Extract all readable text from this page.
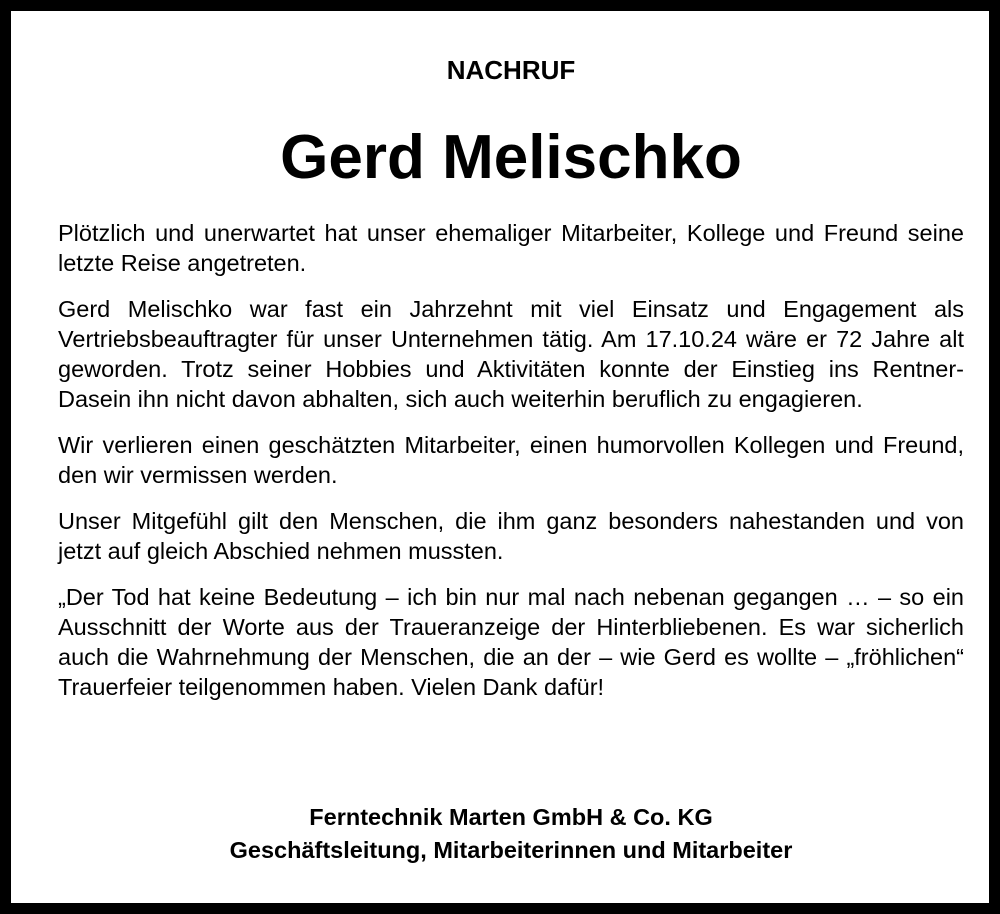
NACHRUF
Gerd Melischko

Plötzlich und unerwartet hat unser ehemaliger Mitarbeiter, Kollege und Freund seine letzte Reise angetreten.

Gerd Melischko war fast ein Jahrzehnt mit viel Einsatz und Engagement als Vertriebsbeauftragter für unser Unternehmen tätig. Am 17.10.24 wäre er 72 Jahre alt geworden. Trotz seiner Hobbies und Aktivitäten konnte der Einstieg ins Rentner-Dasein ihn nicht davon abhalten, sich auch weiterhin beruflich zu engagieren.

Wir verlieren einen geschätzten Mitarbeiter, einen humorvollen Kollegen und Freund, den wir vermissen werden.

Unser Mitgefühl gilt den Menschen, die ihm ganz besonders nahestanden und von jetzt auf gleich Abschied nehmen mussten.

„Der Tod hat keine Bedeutung – ich bin nur mal nach nebenan gegangen … – so ein Ausschnitt der Worte aus der Traueranzeige der Hinterbliebenen. Es war sicherlich auch die Wahrnehmung der Menschen, die an der – wie Gerd es wollte – „fröhlichen“ Trauerfeier teilgenommen haben. Vielen Dank dafür!

Ferntechnik Marten GmbH & Co. KG
Geschäftsleitung, Mitarbeiterinnen und Mitarbeiter
